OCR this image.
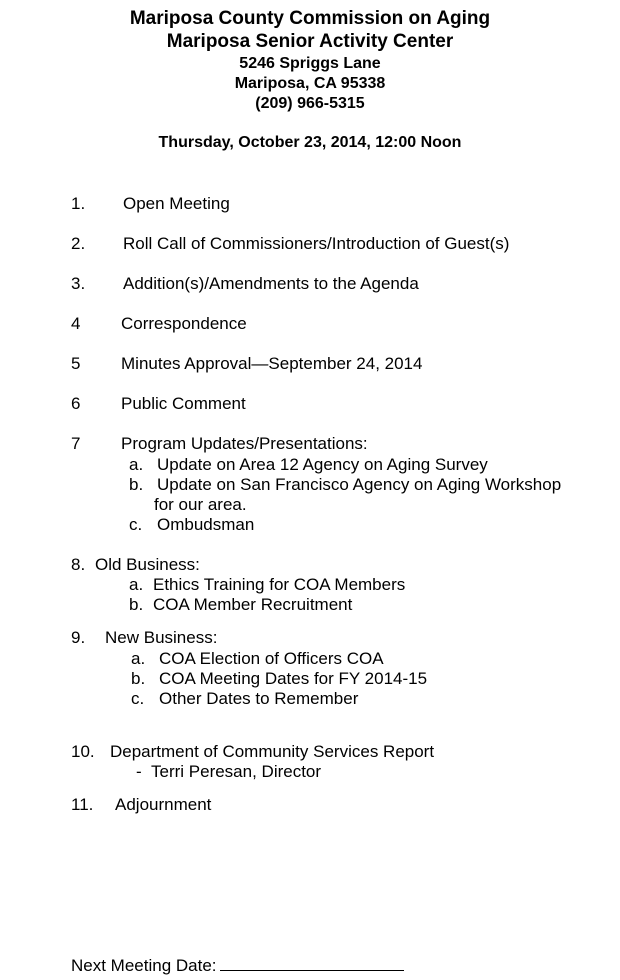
Mariposa County Commission on Aging
Mariposa Senior Activity Center
5246 Spriggs Lane
Mariposa, CA 95338
(209) 966-5315
Thursday, October 23, 2014, 12:00 Noon
1. Open Meeting
2. Roll Call of Commissioners/Introduction of Guest(s)
3. Addition(s)/Amendments to the Agenda
4 Correspondence
5 Minutes Approval—September 24, 2014
6 Public Comment
7 Program Updates/Presentations:
a. Update on Area 12 Agency on Aging Survey
b. Update on San Francisco Agency on Aging Workshop
for our area.
c. Ombudsman
8. Old Business:
a. Ethics Training for COA Members
b. COA Member Recruitment
9. New Business:
a. COA Election of Officers COA
b. COA Meeting Dates for FY 2014-15
c. Other Dates to Remember
10. Department of Community Services Report
- Terri Peresan, Director
11. Adjournment
Next Meeting Date:
